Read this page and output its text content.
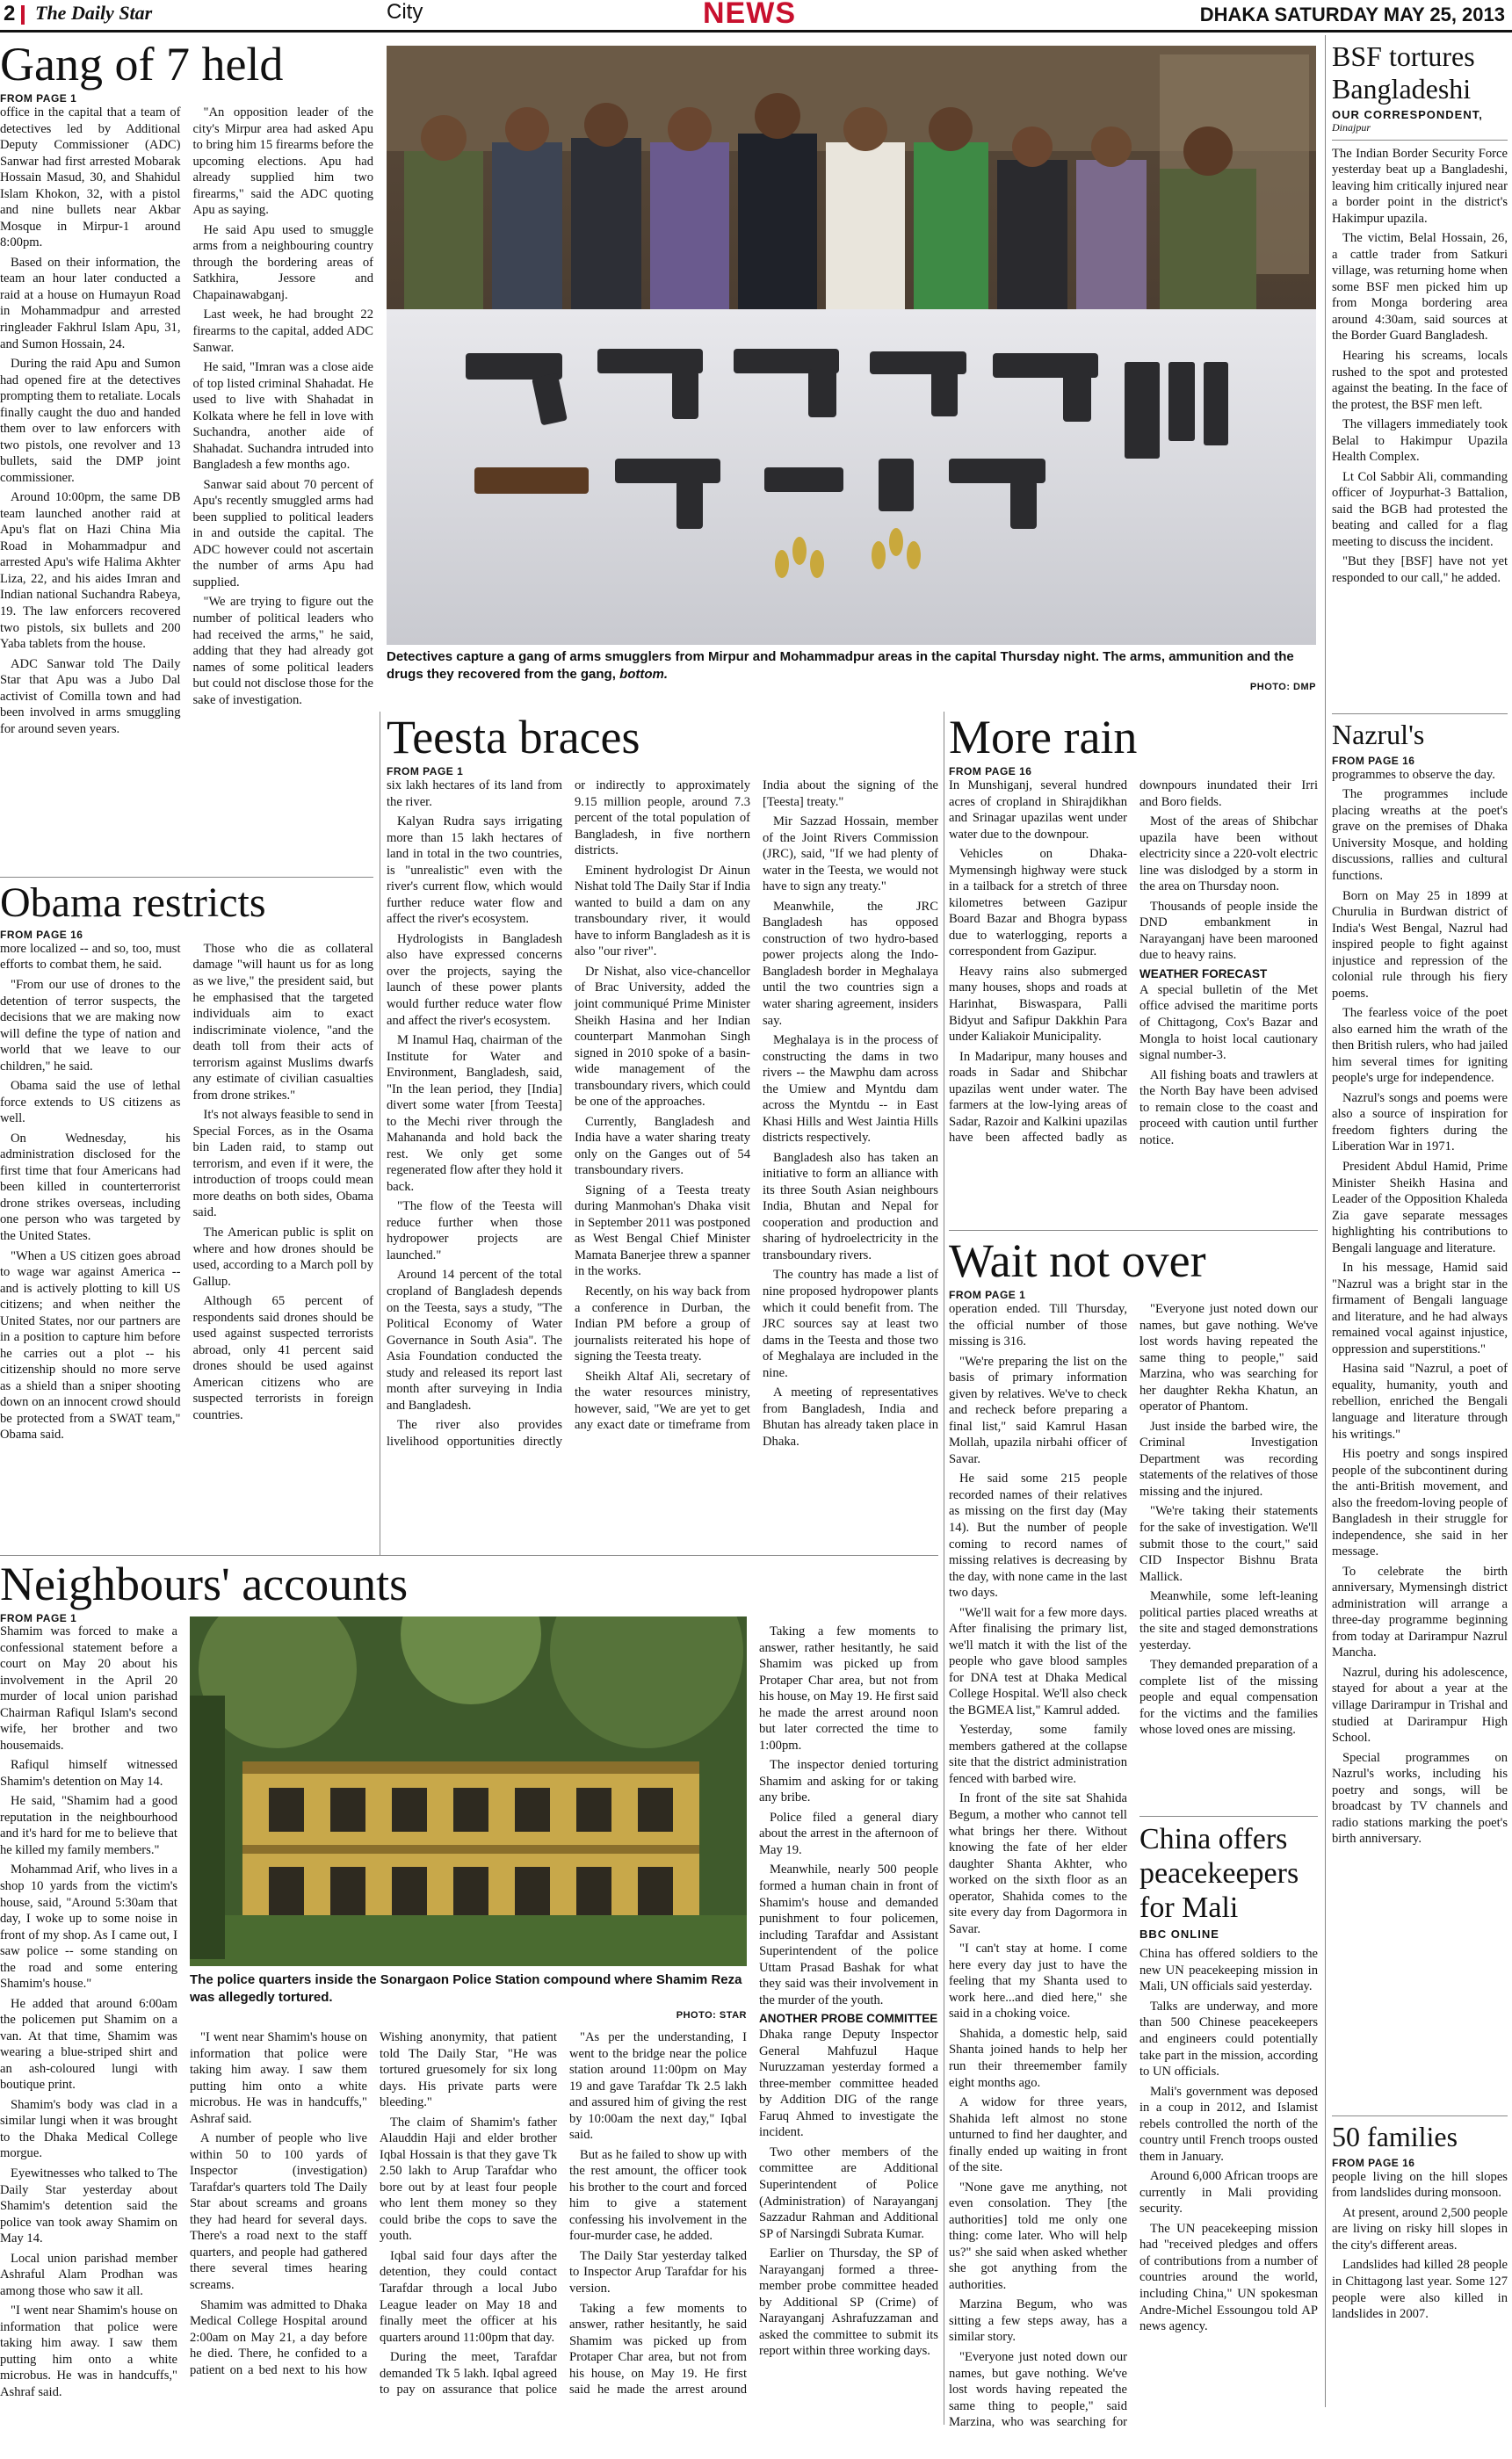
2 The Daily Star	City	NEWS	DHAKA SATURDAY MAY 25, 2013
Gang of 7 held
FROM PAGE 1

office in the capital that a team of detectives led by Additional Deputy Commissioner (ADC) Sanwar had first arrested Mobarak Hossain Masud, 30, and Shahidul Islam Khokon, 32, with a pistol and nine bullets near Akbar Mosque in Mirpur-1 around 8:00pm.

Based on their information, the team an hour later conducted a raid at a house on Humayun Road in Mohammadpur and arrested ringleader Fakhrul Islam Apu, 31, and Sumon Hossain, 24.

During the raid Apu and Sumon had opened fire at the detectives prompting them to retaliate. Locals finally caught the duo and handed them over to law enforcers with two pistols, one revolver and 13 bullets, said the DMP joint commissioner.

Around 10:00pm, the same DB team launched another raid at Apu's flat on Hazi China Mia Road in Mohammadpur and arrested Apu's wife Halima Akhter Liza, 22, and his aides Imran and Indian national Suchandra Rabeya, 19. The law enforcers recovered two pistols, six bullets and 200 Yaba tablets from the house.

ADC Sanwar told The Daily Star that Apu was a Jubo Dal activist of Comilla town and had been involved in arms smuggling for around seven years.

"An opposition leader of the city's Mirpur area had asked Apu to bring him 15 firearms before the upcoming elections. Apu had already supplied him two firearms," said the ADC quoting Apu as saying.

He said Apu used to smuggle arms from a neighbouring country through the bordering areas of Satkhira, Jessore and Chapainawabganj.

Last week, he had brought 22 firearms to the capital, added ADC Sanwar.

He said, "Imran was a close aide of top listed criminal Shahadat. He used to live with Shahadat in Kolkata where he fell in love with Suchandra, another aide of Shahadat. Suchandra intruded into Bangladesh a few months ago.

Sanwar said about 70 percent of Apu's recently smuggled arms had been supplied to political leaders in and outside the capital. The ADC however could not ascertain the number of arms Apu had supplied.

"We are trying to figure out the number of political leaders who had received the arms," he said, adding that they had already got names of some political leaders but could not disclose those for the sake of investigation.

Detectives capture a gang of arms smugglers from Mirpur and Mohammadpur areas in the capital Thursday night. The arms, ammunition and the drugs they recovered from the gang, bottom.
PHOTO: DMP
BSF tortures Bangladeshi
OUR CORRESPONDENT,
Dinajpur

The Indian Border Security Force yesterday beat up a Bangladeshi, leaving him critically injured near a border point in the district's Hakimpur upazila.

The victim, Belal Hossain, 26, a cattle trader from Satkuri village, was returning home when some BSF men picked him up from Monga bordering area around 4:30am, said sources at the Border Guard Bangladesh.

Hearing his screams, locals rushed to the spot and protested against the beating. In the face of the protest, the BSF men left.

The villagers immediately took Belal to Hakimpur Upazila Health Complex.

Lt Col Sabbir Ali, commanding officer of Joypurhat-3 Battalion, said the BGB had protested the beating and called for a flag meeting to discuss the incident.

"But they [BSF] have not yet responded to our call," he added.

Nazrul's
FROM PAGE 16

programmes to observe the day.

The programmes include placing wreaths at the poet's grave on the premises of Dhaka University Mosque, and holding discussions, rallies and cultural functions.

Born on May 25 in 1899 at Churulia in Burdwan district of India's West Bengal, Nazrul had inspired people to fight against injustice and repression of the colonial rule through his fiery poems.

The fearless voice of the poet also earned him the wrath of the then British rulers, who had jailed him several times for igniting people's urge for independence.

Nazrul's songs and poems were also a source of inspiration for freedom fighters during the Liberation War in 1971.

President Abdul Hamid, Prime Minister Sheikh Hasina and Leader of the Opposition Khaleda Zia gave separate messages highlighting his contributions to Bengali language and literature.

In his message, Hamid said "Nazrul was a bright star in the firmament of Bengali language and literature, and he had always remained vocal against injustice, oppression and superstitions."

Hasina said "Nazrul, a poet of equality, humanity, youth and rebellion, enriched the Bengali language and literature through his writings."

His poetry and songs inspired people of the subcontinent during the anti-British movement, and also the freedom-loving people of Bangladesh in their struggle for independence, she said in her message.

To celebrate the birth anniversary, Mymensingh district administration will arrange a three-day programme beginning from today at Darirampur Nazrul Mancha.

Nazrul, during his adolescence, stayed for about a year at the village Darirampur in Trishal and studied at Darirampur High School.

Special programmes on Nazrul's works, including his poetry and songs, will be broadcast by TV channels and radio stations marking the poet's birth anniversary.

50 families
FROM PAGE 16

people living on the hill slopes from landslides during monsoon.

At present, around 2,500 people are living on risky hill slopes in the city's different areas.

Landslides had killed 28 people in Chittagong last year. Some 127 people were also killed in landslides in 2007.

Obama restricts
FROM PAGE 16

more localized -- and so, too, must efforts to combat them, he said.

"From our use of drones to the detention of terror suspects, the decisions that we are making now will define the type of nation and world that we leave to our children," he said.

Obama said the use of lethal force extends to US citizens as well.

On Wednesday, his administration disclosed for the first time that four Americans had been killed in counterterrorist drone strikes overseas, including one person who was targeted by the United States.

"When a US citizen goes abroad to wage war against America -- and is actively plotting to kill US citizens; and when neither the United States, nor our partners are in a position to capture him before he carries out a plot -- his citizenship should no more serve as a shield than a sniper shooting down on an innocent crowd should be protected from a SWAT team," Obama said.

Those who die as collateral damage "will haunt us for as long as we live," the president said, but he emphasised that the targeted individuals aim to exact indiscriminate violence, "and the death toll from their acts of terrorism against Muslims dwarfs any estimate of civilian casualties from drone strikes."

It's not always feasible to send in Special Forces, as in the Osama bin Laden raid, to stamp out terrorism, and even if it were, the introduction of troops could mean more deaths on both sides, Obama said.

The American public is split on where and how drones should be used, according to a March poll by Gallup.

Although 65 percent of respondents said drones should be used against suspected terrorists abroad, only 41 percent said drones should be used against American citizens who are suspected terrorists in foreign countries.

Teesta braces
FROM PAGE 1

six lakh hectares of its land from the river.

Kalyan Rudra says irrigating more than 15 lakh hectares of land in total in the two countries, is "unrealistic" even with the river's current flow, which would further reduce water flow and affect the river's ecosystem.

Hydrologists in Bangladesh also have expressed concerns over the projects, saying the launch of these power plants would further reduce water flow and affect the river's ecosystem.

M Inamul Haq, chairman of the Institute for Water and Environment, Bangladesh, said, "In the lean period, they [India] divert some water [from Teesta] to the Mechi river through the Mahananda and hold back the rest. We only get some regenerated flow after they hold it back.

"The flow of the Teesta will reduce further when those hydropower projects are launched."

Around 14 percent of the total cropland of Bangladesh depends on the Teesta, says a study, "The Political Economy of Water Governance in South Asia". The Asia Foundation conducted the study and released its report last month after surveying in India and Bangladesh.

The river also provides livelihood opportunities directly or indirectly to approximately 9.15 million people, around 7.3 percent of the total population of Bangladesh, in five northern districts.

Eminent hydrologist Dr Ainun Nishat told The Daily Star if India wanted to build a dam on any transboundary river, it would have to inform Bangladesh as it is also "our river".

Dr Nishat, also vice-chancellor of Brac University, added the joint communiqué Prime Minister Sheikh Hasina and her Indian counterpart Manmohan Singh signed in 2010 spoke of a basin-wide management of the transboundary rivers, which could be one of the approaches.

Currently, Bangladesh and India have a water sharing treaty only on the Ganges out of 54 transboundary rivers.

Signing of a Teesta treaty during Manmohan's Dhaka visit in September 2011 was postponed as West Bengal Chief Minister Mamata Banerjee threw a spanner in the works.

Recently, on his way back from a conference in Durban, the Indian PM before a group of journalists reiterated his hope of signing the Teesta treaty.

Sheikh Altaf Ali, secretary of the water resources ministry, however, said, "We are yet to get any exact date or timeframe from India about the signing of the [Teesta] treaty."

Mir Sazzad Hossain, member of the Joint Rivers Commission (JRC), said, "If we had plenty of water in the Teesta, we would not have to sign any treaty."

Meanwhile, the JRC Bangladesh has opposed construction of two hydro-based power projects along the Indo-Bangladesh border in Meghalaya until the two countries sign a water sharing agreement, insiders say.

Meghalaya is in the process of constructing the dams in two rivers -- the Mawphu dam across the Umiew and Myntdu dam across the Myntdu -- in East Khasi Hills and West Jaintia Hills districts respectively.

Bangladesh also has taken an initiative to form an alliance with its three South Asian neighbours India, Bhutan and Nepal for cooperation and production and sharing of hydroelectricity in the transboundary rivers.

The country has made a list of nine proposed hydropower plants which it could benefit from. The JRC sources say at least two dams in the Teesta and those two of Meghalaya are included in the nine.

A meeting of representatives from Bangladesh, India and Bhutan has already taken place in Dhaka.

More rain
FROM PAGE 16

In Munshiganj, several hundred acres of cropland in Shirajdikhan and Srinagar upazilas went under water due to the downpour.

Vehicles on Dhaka-Mymensingh highway were stuck in a tailback for a stretch of three kilometres between Gazipur Board Bazar and Bhogra bypass due to waterlogging, reports a correspondent from Gazipur.

Heavy rains also submerged many houses, shops and roads at Harinhat, Biswaspara, Palli Bidyut and Safipur Dakkhin Para under Kaliakoir Municipality.

In Madaripur, many houses and roads in Sadar and Shibchar upazilas went under water. The farmers at the low-lying areas of Sadar, Razoir and Kalkini upazilas have been affected badly as downpours inundated their Irri and Boro fields.

Most of the areas of Shibchar upazila have been without electricity since a 220-volt electric line was dislodged by a storm in the area on Thursday noon.

Thousands of people inside the DND embankment in Narayanganj have been marooned due to heavy rains.

WEATHER FORECAST

A special bulletin of the Met office advised the maritime ports of Chittagong, Cox's Bazar and Mongla to hoist local cautionary signal number-3.

All fishing boats and trawlers at the North Bay have been advised to remain close to the coast and proceed with caution until further notice.

Wait not over
FROM PAGE 1

operation ended. Till Thursday, the official number of those missing is 316.

"We're preparing the list on the basis of primary information given by relatives. We've to check and recheck before preparing a final list," said Kamrul Hasan Mollah, upazila nirbahi officer of Savar.

He said some 215 people recorded names of their relatives as missing on the first day (May 14). But the number of people coming to record names of missing relatives is decreasing by the day, with none came in the last two days.

"We'll wait for a few more days. After finalising the primary list, we'll match it with the list of the people who gave blood samples for DNA test at Dhaka Medical College Hospital. We'll also check the BGMEA list," Kamrul added.

Yesterday, some family members gathered at the collapse site that the district administration fenced with barbed wire.

In front of the site sat Shahida Begum, a mother who cannot tell what brings her there. Without knowing the fate of her elder daughter Shanta Akhter, who worked on the sixth floor as an operator, Shahida comes to the site every day from Dagormora in Savar.

"I can't stay at home. I come here every day just to have the feeling that my Shanta used to work here...and died here," she said in a choking voice.

Shahida, a domestic help, said Shanta joined hands to help her run their threemember family eight months ago.

A widow for three years, Shahida left almost no stone unturned to find her daughter, and finally ended up waiting in front of the site.

"None gave me anything, not even consolation. They [the authorities] told me only one thing: come later. Who will help us?" she said when asked whether she got anything from the authorities.

Marzina Begum, who was sitting a few steps away, has a similar story.

"Everyone just noted down our names, but gave nothing. We've lost words having repeated the same thing to people," said Marzina, who was searching for

"Everyone just noted down our names, but gave nothing. We've lost words having repeated the same thing to people," said Marzina, who was searching for her daughter Rekha Khatun, an operator of Phantom.

Just inside the barbed wire, the Criminal Investigation Department was recording statements of the relatives of those missing and the injured.

"We're taking their statements for the sake of investigation. We'll submit those to the court," said CID Inspector Bishnu Brata Mallick.

Meanwhile, some left-leaning political parties placed wreaths at the site and staged demonstrations yesterday.

They demanded preparation of a complete list of the missing people and equal compensation for the victims and the families whose loved ones are missing.

China offers peacekeepers for Mali
BBC ONLINE

China has offered soldiers to the new UN peacekeeping mission in Mali, UN officials said yesterday.

Talks are underway, and more than 500 Chinese peacekeepers and engineers could potentially take part in the mission, according to UN officials.

Mali's government was deposed in a coup in 2012, and Islamist rebels controlled the north of the country until French troops ousted them in January.

Around 6,000 African troops are currently in Mali providing security.

The UN peacekeeping mission had "received pledges and offers of contributions from a number of countries around the world, including China," UN spokesman Andre-Michel Essoungou told AP news agency.

Neighbours' accounts
FROM PAGE 1

Shamim was forced to make a confessional statement before a court on May 20 about his involvement in the April 20 murder of local union parishad Chairman Rafiqul Islam's second wife, her brother and two housemaids.

Rafiqul himself witnessed Shamim's detention on May 14.

He said, "Shamim had a good reputation in the neighbourhood and it's hard for me to believe that he killed my family members."

Mohammad Arif, who lives in a shop 10 yards from the victim's house, said, "Around 5:30am that day, I woke up to some noise in front of my shop. As I came out, I saw police -- some standing on the road and some entering Shamim's house."

He added that around 6:00am the policemen put Shamim on a van. At that time, Shamim was wearing a blue-striped shirt and an ash-coloured lungi with boutique print.

Shamim's body was clad in a similar lungi when it was brought to the Dhaka Medical College morgue.

Eyewitnesses who talked to The Daily Star yesterday about Shamim's detention said the police van took away Shamim on May 14.

Local union parishad member Ashraful Alam Prodhan was among those who saw it all.

"I went near Shamim's house on information that police were taking him away. I saw them putting him onto a white microbus. He was in handcuffs," Ashraf said.

The police quarters inside the Sonargaon Police Station compound where Shamim Reza was allegedly tortured.
PHOTO: STAR

"I went near Shamim's house on information that police were taking him away. I saw them putting him onto a white microbus. He was in handcuffs," Ashraf said.

A number of people who live within 50 to 100 yards of Inspector (investigation) Tarafdar's quarters told The Daily Star about screams and groans they had heard for several days. There's a road next to the staff quarters, and people had gathered there several times hearing screams.

Shamim was admitted to Dhaka Medical College Hospital around 2:00am on May 21, a day before he died. There, he confided to a patient on a bed next to his how

Wishing anonymity, that patient told The Daily Star, "He was tortured gruesomely for six long days. His private parts were bleeding."

The claim of Shamim's father Alauddin Haji and elder brother Iqbal Hossain is that they gave Tk 2.50 lakh to Arup Tarafdar who bore out by at least four people who lent them money so they could bribe the cops to save the youth.

Iqbal said four days after the detention, they could contact Tarafdar through a local Jubo League leader on May 18 and finally meet the officer at his quarters around 11:00pm that day.

During the meet, Tarafdar demanded Tk 5 lakh. Iqbal agreed to pay on assurance that police

"As per the understanding, I went to the bridge near the police station around 11:00pm on May 19 and gave Tarafdar Tk 2.5 lakh and assured him of giving the rest by 10:00am the next day," Iqbal said.

But as he failed to show up with the rest amount, the officer took his brother to the court and forced him to give a statement confessing his involvement in the four-murder case, he added.

The Daily Star yesterday talked to Inspector Arup Tarafdar for his version.

Taking a few moments to answer, rather hesitantly, he said Shamim was picked up from Protaper Char area, but not from his house, on May 19. He first said he made the arrest around

Taking a few moments to answer, rather hesitantly, he said Shamim was picked up from Protaper Char area, but not from his house, on May 19. He first said he made the arrest around noon but later corrected the time to 1:00pm.

The inspector denied torturing Shamim and asking for or taking any bribe.

Police filed a general diary about the arrest in the afternoon of May 19.

Meanwhile, nearly 500 people formed a human chain in front of Shamim's house and demanded punishment to four policemen, including Tarafdar and Assistant Superintendent of the police Uttam Prasad Bashak for what they said was their involvement in the murder of the youth.

ANOTHER PROBE COMMITTEE

Dhaka range Deputy Inspector General Mahfuzul Haque Nuruzzaman yesterday formed a three-member committee headed by Addition DIG of the range Faruq Ahmed to investigate the incident.

Two other members of the committee are Additional Superintendent of Police (Administration) of Narayanganj Sazzadur Rahman and Additional SP of Narsingdi Subrata Kumar.

Earlier on Thursday, the SP of Narayanganj formed a three-member probe committee headed by Additional SP (Crime) of Narayanganj Ashrafuzzaman and asked the committee to submit its report within three working days.
